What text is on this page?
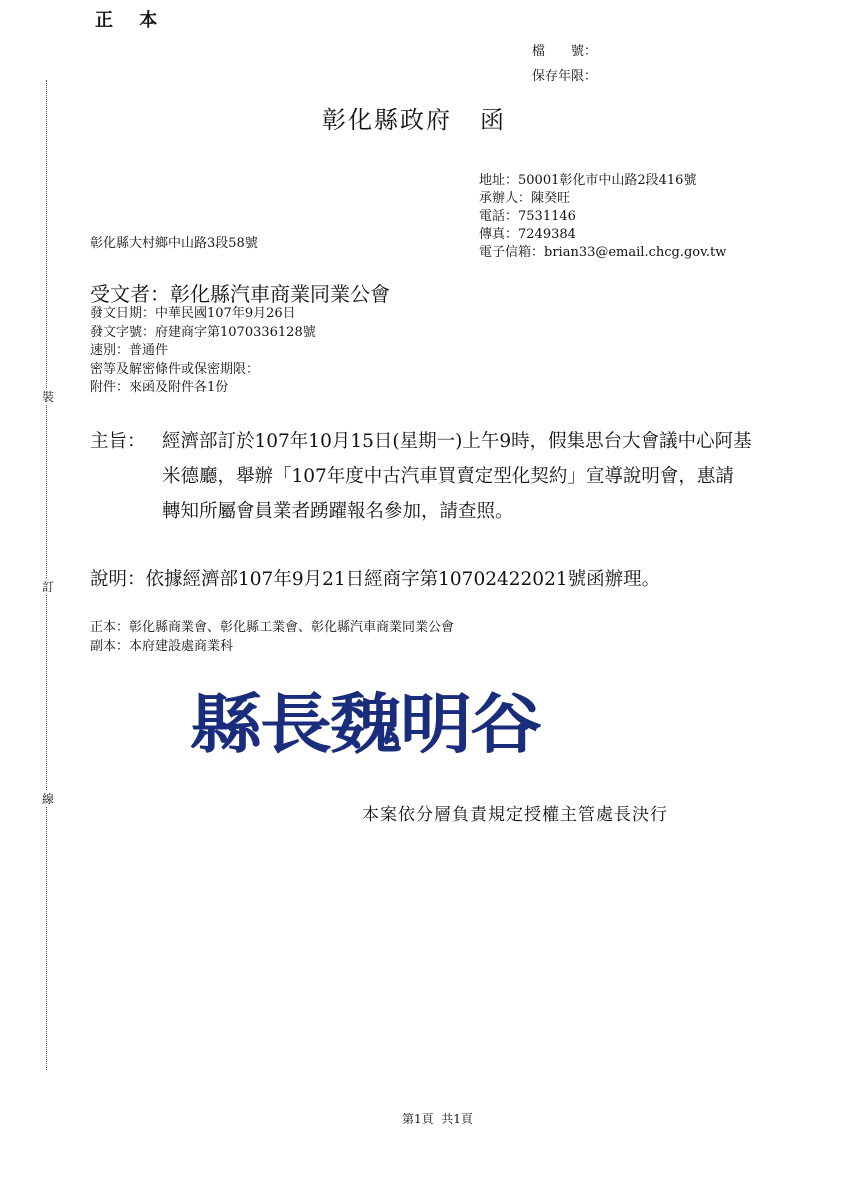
正 本
檔　　號：
保存年限：
彰化縣政府 函
地址：50001彰化市中山路2段416號
承辦人：陳癸旺
電話：7531146
傳真：7249384
電子信箱：brian33@email.chcg.gov.tw
彰化縣大村鄉中山路3段58號
受文者：彰化縣汽車商業同業公會
發文日期：中華民國107年9月26日
發文字號：府建商字第1070336128號
速別：普通件
密等及解密條件或保密期限：
附件：來函及附件各1份
主旨： 經濟部訂於107年10月15日(星期一)上午9時，假集思台大會議中心阿基米德廳，舉辦「107年度中古汽車買賣定型化契約」宣導說明會，惠請轉知所屬會員業者踴躍報名參加，請查照。
說明：依據經濟部107年9月21日經商字第10702422021號函辦理。
正本：彰化縣商業會、彰化縣工業會、彰化縣汽車商業同業公會
副本：本府建設處商業科
縣長魏明谷
本案依分層負責規定授權主管處長決行
第1頁 共1頁
裝
訂
線
